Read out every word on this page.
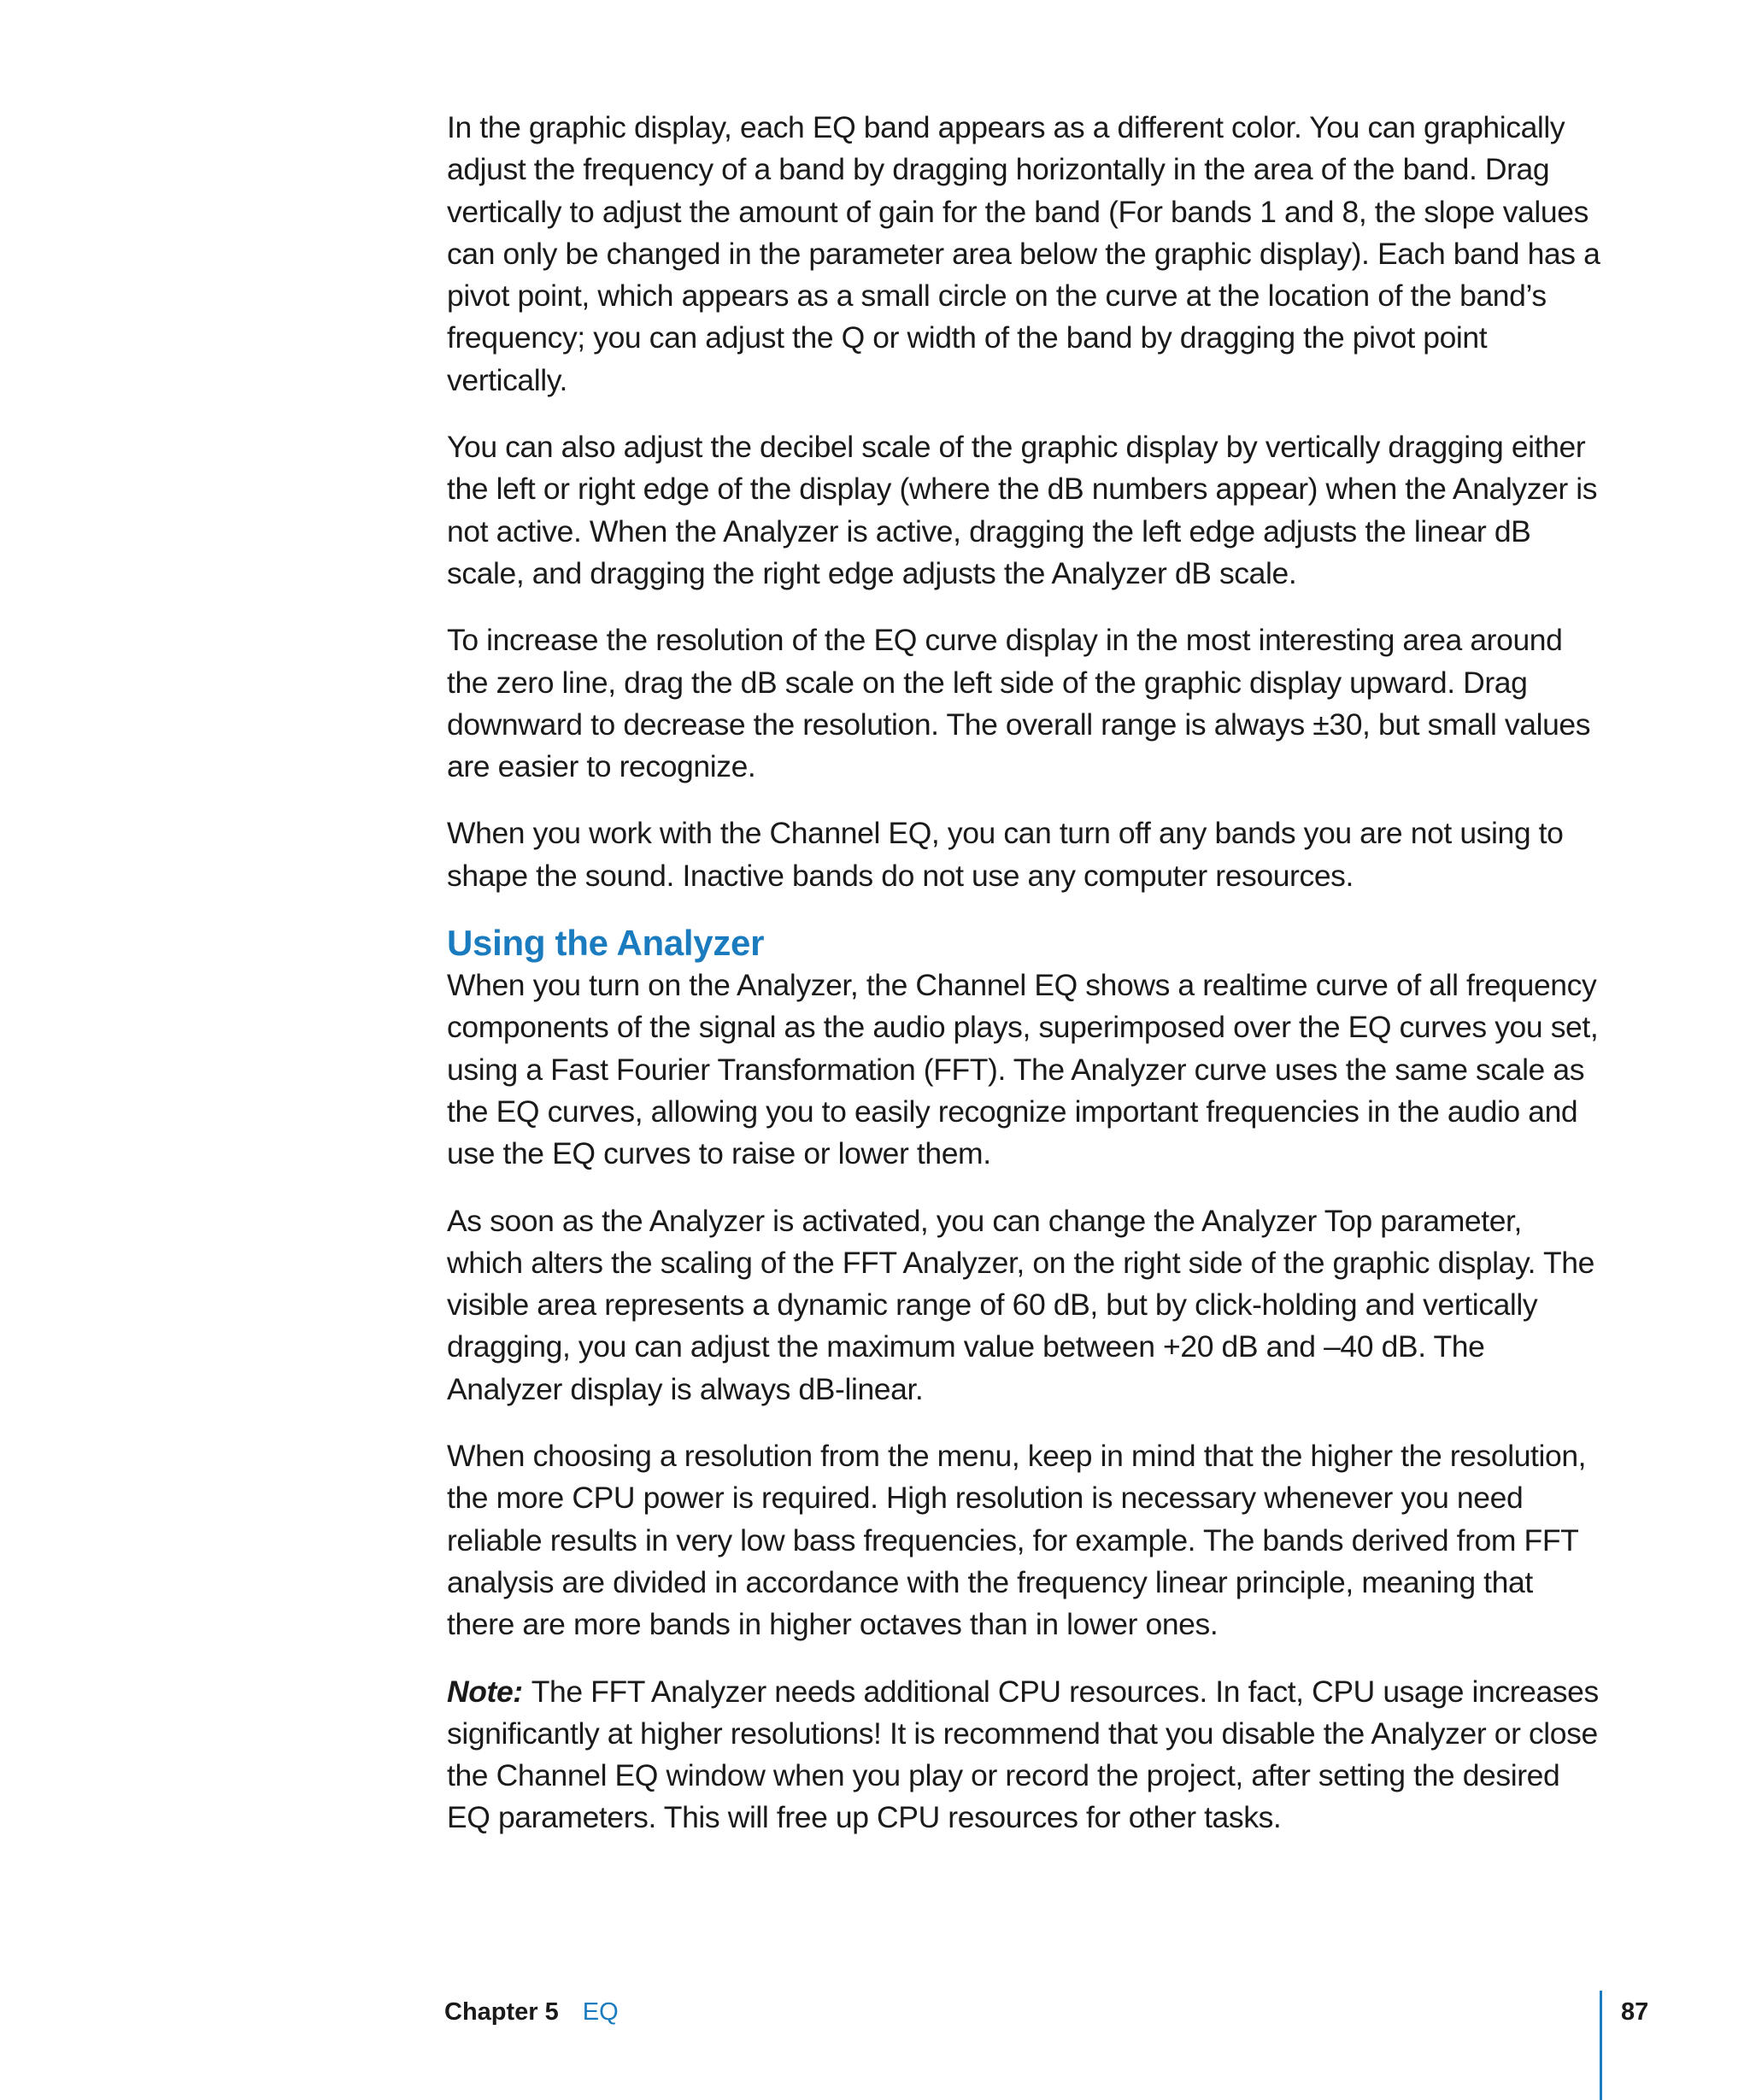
In the graphic display, each EQ band appears as a different color. You can graphically adjust the frequency of a band by dragging horizontally in the area of the band. Drag vertically to adjust the amount of gain for the band (For bands 1 and 8, the slope values can only be changed in the parameter area below the graphic display). Each band has a pivot point, which appears as a small circle on the curve at the location of the band’s frequency; you can adjust the Q or width of the band by dragging the pivot point vertically.

You can also adjust the decibel scale of the graphic display by vertically dragging either the left or right edge of the display (where the dB numbers appear) when the Analyzer is not active. When the Analyzer is active, dragging the left edge adjusts the linear dB scale, and dragging the right edge adjusts the Analyzer dB scale.

To increase the resolution of the EQ curve display in the most interesting area around the zero line, drag the dB scale on the left side of the graphic display upward. Drag downward to decrease the resolution. The overall range is always ±30, but small values are easier to recognize.

When you work with the Channel EQ, you can turn off any bands you are not using to shape the sound. Inactive bands do not use any computer resources.

Using the Analyzer

When you turn on the Analyzer, the Channel EQ shows a realtime curve of all frequency components of the signal as the audio plays, superimposed over the EQ curves you set, using a Fast Fourier Transformation (FFT). The Analyzer curve uses the same scale as the EQ curves, allowing you to easily recognize important frequencies in the audio and use the EQ curves to raise or lower them.

As soon as the Analyzer is activated, you can change the Analyzer Top parameter, which alters the scaling of the FFT Analyzer, on the right side of the graphic display. The visible area represents a dynamic range of 60 dB, but by click-holding and vertically dragging, you can adjust the maximum value between +20 dB and –40 dB. The Analyzer display is always dB-linear.

When choosing a resolution from the menu, keep in mind that the higher the resolution, the more CPU power is required. High resolution is necessary whenever you need reliable results in very low bass frequencies, for example. The bands derived from FFT analysis are divided in accordance with the frequency linear principle, meaning that there are more bands in higher octaves than in lower ones.

Note: The FFT Analyzer needs additional CPU resources. In fact, CPU usage increases significantly at higher resolutions! It is recommend that you disable the Analyzer or close the Channel EQ window when you play or record the project, after setting the desired EQ parameters. This will free up CPU resources for other tasks.

Chapter 5 EQ	87
